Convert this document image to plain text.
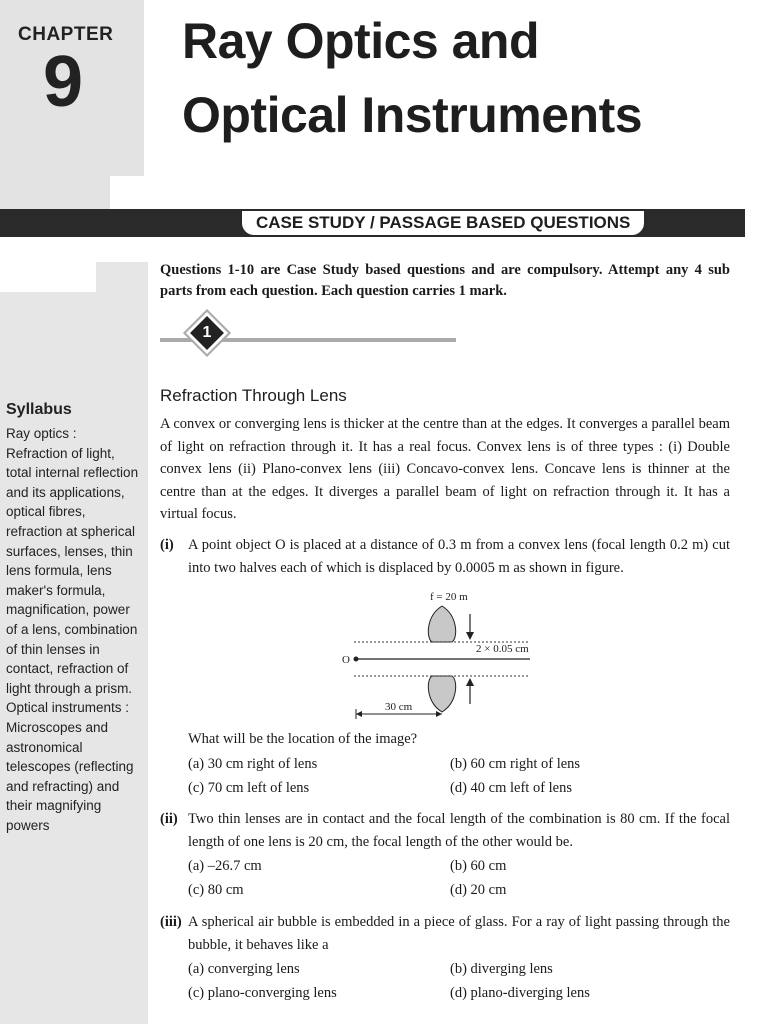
CHAPTER
9
Ray Optics and
Optical Instruments
CASE STUDY / PASSAGE BASED QUESTIONS
Questions 1-10 are Case Study based questions and are compulsory. Attempt any 4 sub parts from each question. Each question carries 1 mark.
1
Syllabus
Ray optics : Refraction of light, total internal reflection and its applications, optical fibres, refraction at spherical surfaces, lenses, thin lens formula, lens maker's formula, magnification, power of a lens, combination of thin lenses in contact, refraction of light through a prism. Optical instruments : Microscopes and astronomical telescopes (reflecting and refracting) and their magnifying powers
Refraction Through Lens
A convex or converging lens is thicker at the centre than at the edges. It converges a parallel beam of light on refraction through it. It has a real focus. Convex lens is of three types : (i) Double convex lens (ii) Plano-convex lens (iii) Concavo-convex lens. Concave lens is thinner at the centre than at the edges. It diverges a parallel beam of light on refraction through it. It has a virtual focus.
(i) A point object O is placed at a distance of 0.3 m from a convex lens (focal length 0.2 m) cut into two halves each of which is displaced by 0.0005 m as shown in figure.
f = 20 m
O
2 × 0.05 cm
30 cm
What will be the location of the image?
(a) 30 cm right of lens	(b) 60 cm right of lens
(c) 70 cm left of lens	(d) 40 cm left of lens
(ii) Two thin lenses are in contact and the focal length of the combination is 80 cm. If the focal length of one lens is 20 cm, the focal length of the other would be.
(a) –26.7 cm	(b) 60 cm
(c) 80 cm	(d) 20 cm
(iii) A spherical air bubble is embedded in a piece of glass. For a ray of light passing through the bubble, it behaves like a
(a) converging lens	(b) diverging lens
(c) plano-converging lens	(d) plano-diverging lens
